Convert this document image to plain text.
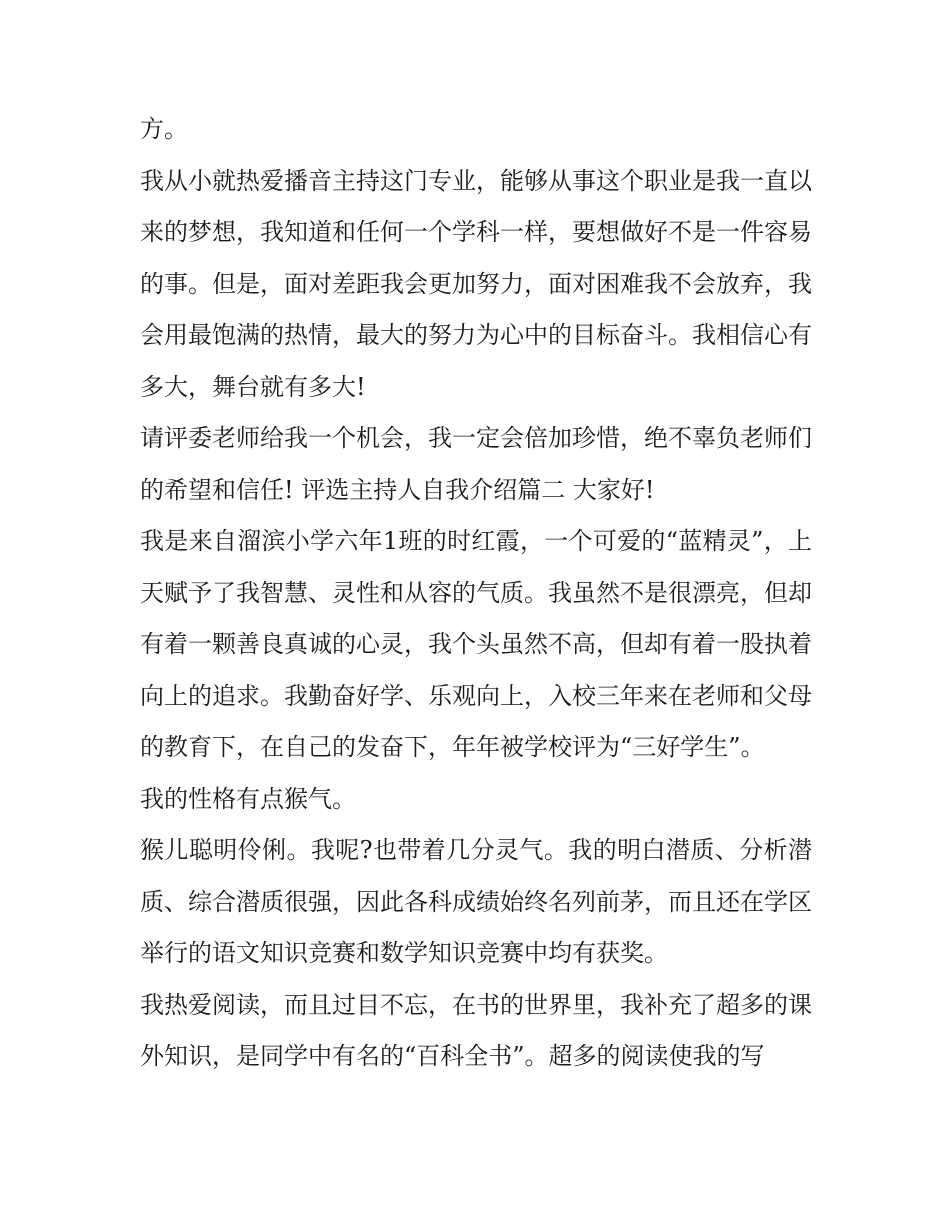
方。

我从小就热爱播音主持这门专业，能够从事这个职业是我一直以来的梦想，我知道和任何一个学科一样，要想做好不是一件容易的事。但是，面对差距我会更加努力，面对困难我不会放弃，我会用最饱满的热情，最大的努力为心中的目标奋斗。我相信心有多大，舞台就有多大!

请评委老师给我一个机会，我一定会倍加珍惜，绝不辜负老师们的希望和信任! 评选主持人自我介绍篇二 大家好!

我是来自溜滨小学六年1班的时红霞，一个可爱的“蓝精灵”，上天赋予了我智慧、灵性和从容的气质。我虽然不是很漂亮，但却有着一颗善良真诚的心灵，我个头虽然不高，但却有着一股执着向上的追求。我勤奋好学、乐观向上，入校三年来在老师和父母的教育下，在自己的发奋下，年年被学校评为“三好学生”。

我的性格有点猴气。

猴儿聪明伶俐。我呢?也带着几分灵气。我的明白潜质、分析潜质、综合潜质很强，因此各科成绩始终名列前茅，而且还在学区举行的语文知识竞赛和数学知识竞赛中均有获奖。

我热爱阅读，而且过目不忘，在书的世界里，我补充了超多的课外知识，是同学中有名的“百科全书”。超多的阅读使我的写
